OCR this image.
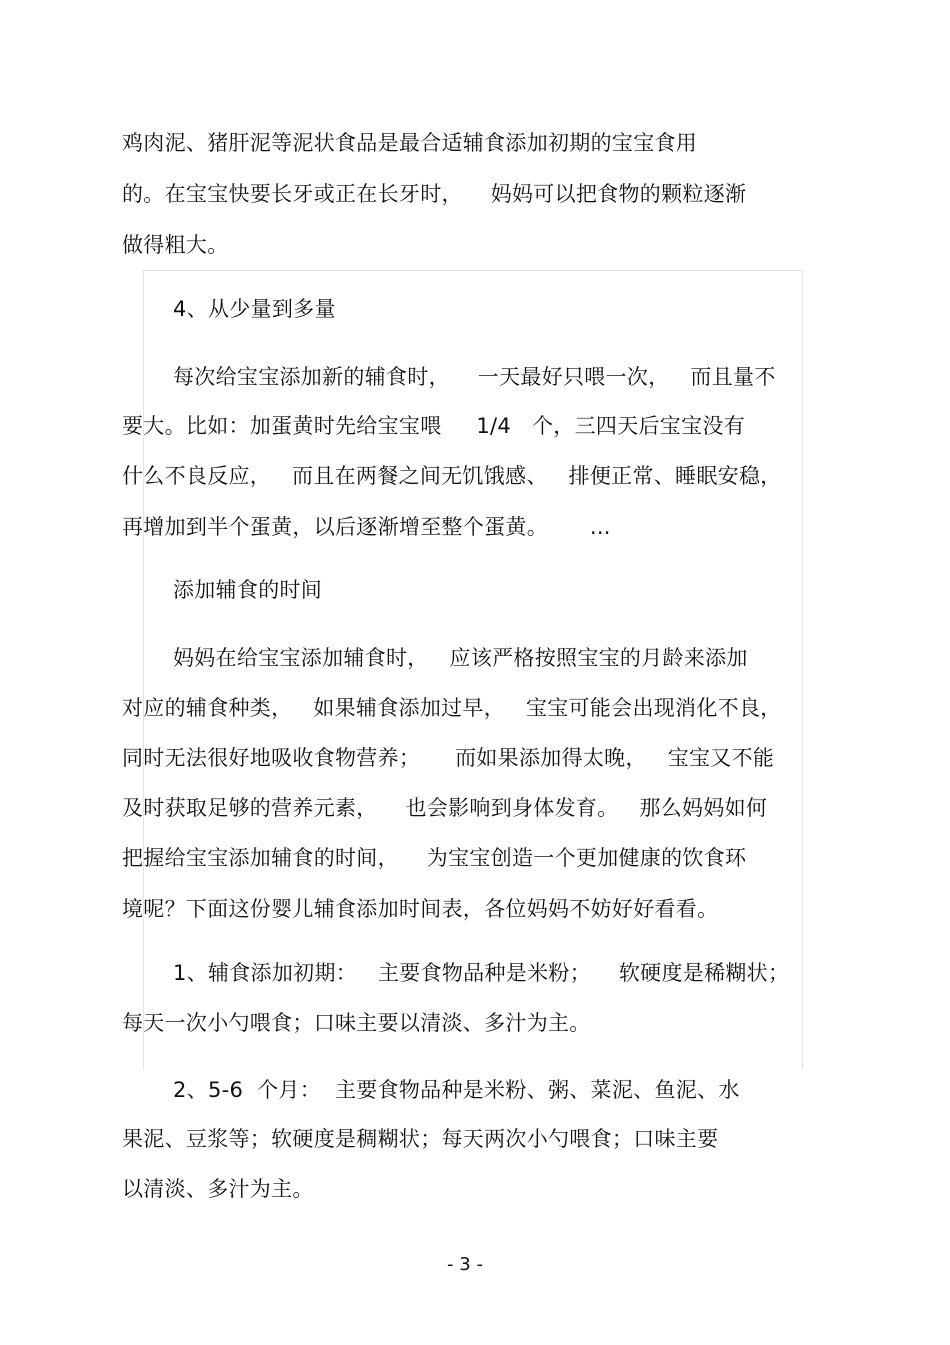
鸡肉泥、猪肝泥等泥状食品是最合适辅食添加初期的宝宝食用
的。在宝宝快要长牙或正在长牙时，    妈妈可以把食物的颗粒逐渐
做得粗大。
4、从少量到多量
每次给宝宝添加新的辅食时，    一天最好只喂一次，   而且量不
要大。比如：加蛋黄时先给宝宝喂     1/4   个，三四天后宝宝没有
什么不良反应，   而且在两餐之间无饥饿感、   排便正常、睡眠安稳，
再增加到半个蛋黄，以后逐渐增至整个蛋黄。      ...
添加辅食的时间
妈妈在给宝宝添加辅食时，   应该严格按照宝宝的月龄来添加
对应的辅食种类，   如果辅食添加过早，   宝宝可能会出现消化不良，
同时无法很好地吸收食物营养；     而如果添加得太晚，   宝宝又不能
及时获取足够的营养元素，    也会影响到身体发育。   那么妈妈如何
把握给宝宝添加辅食的时间，    为宝宝创造一个更加健康的饮食环
境呢？下面这份婴儿辅食添加时间表，各位妈妈不妨好好看看。
1、辅食添加初期：   主要食物品种是米粉；    软硬度是稀糊状；
每天一次小勺喂食；口味主要以清淡、多汁为主。
2、5-6  个月：  主要食物品种是米粉、粥、菜泥、鱼泥、水
果泥、豆浆等；软硬度是稠糊状；每天两次小勺喂食；口味主要
以清淡、多汁为主。
- 3 -
